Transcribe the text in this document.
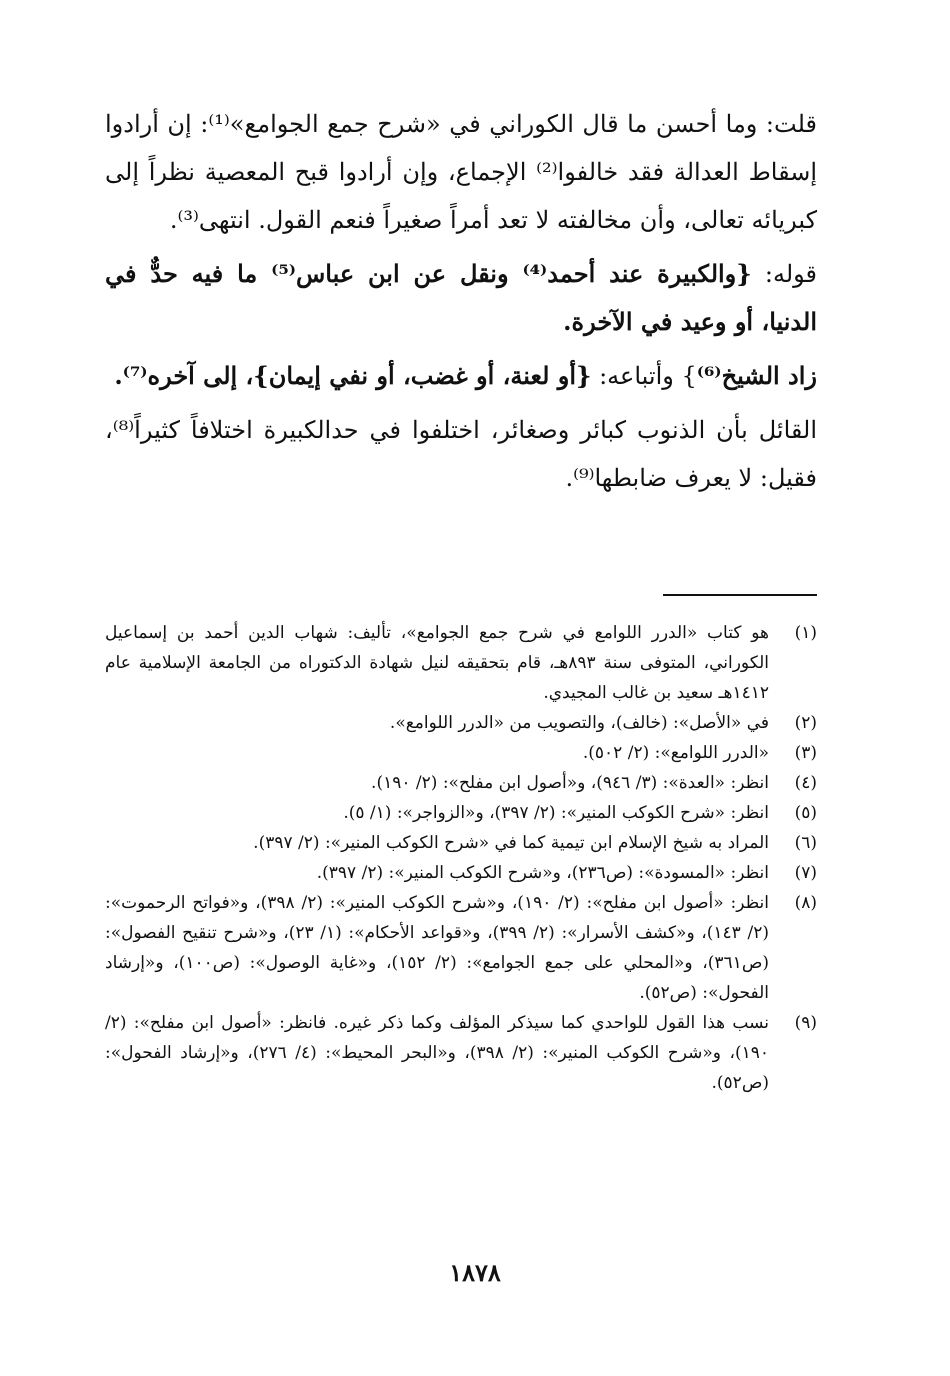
قلت: وما أحسن ما قال الكوراني في «شرح جمع الجوامع»⁽¹⁾: إن أرادوا إسقاط العدالة فقد خالفوا⁽²⁾ الإجماع، وإن أرادوا قبح المعصية نظراً إلى كبريائه تعالى، وأن مخالفته لا تعد أمراً صغيراً فنعم القول. انتهى⁽³⁾.

قوله: {والكبيرة عند أحمد⁽⁴⁾ ونقل عن ابن عباس⁽⁵⁾ ما فيه حدٌّ في الدنيا، أو وعيد في الآخرة.

زاد الشيخ⁽⁶⁾} وأتباعه: {أو لعنة، أو غضب، أو نفي إيمان}، إلى آخره⁽⁷⁾.

القائل بأن الذنوب كبائر وصغائر، اختلفوا في حدالكبيرة اختلافاً كثيراً⁽⁸⁾، فقيل: لا يعرف ضابطها⁽⁹⁾.

(١)
هو كتاب «الدرر اللوامع في شرح جمع الجوامع»، تأليف: شهاب الدين أحمد بن إسماعيل الكوراني، المتوفى سنة ٨٩٣هـ، قام بتحقيقه لنيل شهادة الدكتوراه من الجامعة الإسلامية عام ١٤١٢هـ سعيد بن غالب المجيدي.
(٢)
في «الأصل»: (خالف)، والتصويب من «الدرر اللوامع».
(٣)
«الدرر اللوامع»: (٢/ ٥٠٢).
(٤)
انظر: «العدة»: (٣/ ٩٤٦)، و«أصول ابن مفلح»: (٢/ ١٩٠).
(٥)
انظر: «شرح الكوكب المنير»: (٢/ ٣٩٧)، و«الزواجر»: (١/ ٥).
(٦)
المراد به شيخ الإسلام ابن تيمية كما في «شرح الكوكب المنير»: (٢/ ٣٩٧).
(٧)
انظر: «المسودة»: (ص٢٣٦)، و«شرح الكوكب المنير»: (٢/ ٣٩٧).
(٨)
انظر: «أصول ابن مفلح»: (٢/ ١٩٠)، و«شرح الكوكب المنير»: (٢/ ٣٩٨)، و«فواتح الرحموت»: (٢/ ١٤٣)، و«كشف الأسرار»: (٢/ ٣٩٩)، و«قواعد الأحكام»: (١/ ٢٣)، و«شرح تنقيح الفصول»: (ص٣٦١)، و«المحلي على جمع الجوامع»: (٢/ ١٥٢)، و«غاية الوصول»: (ص١٠٠)، و«إرشاد الفحول»: (ص٥٢).
(٩)
نسب هذا القول للواحدي كما سيذكر المؤلف وكما ذكر غيره. فانظر: «أصول ابن مفلح»: (٢/ ١٩٠)، و«شرح الكوكب المنير»: (٢/ ٣٩٨)، و«البحر المحيط»: (٤/ ٢٧٦)، و«إرشاد الفحول»: (ص٥٢).
١٨٧٨
